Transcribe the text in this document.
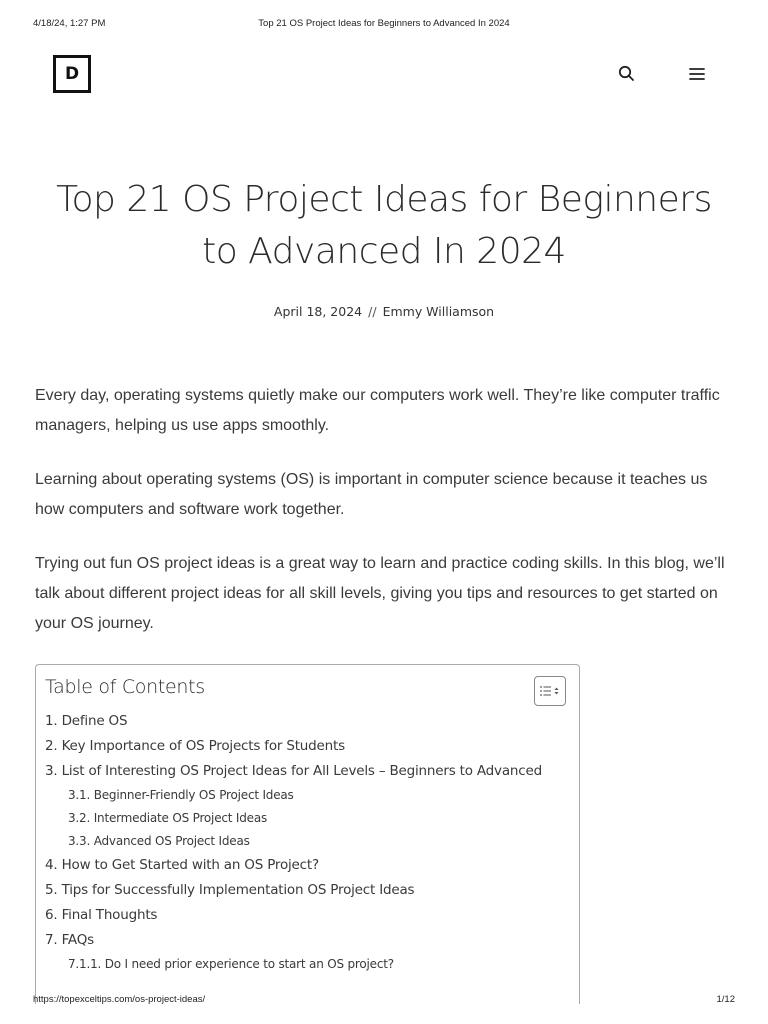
4/18/24, 1:27 PM	Top 21 OS Project Ideas for Beginners to Advanced In 2024
D
Top 21 OS Project Ideas for Beginners to Advanced In 2024
April 18, 2024 // Emmy Williamson

Every day, operating systems quietly make our computers work well. They’re like computer traffic managers, helping us use apps smoothly.

Learning about operating systems (OS) is important in computer science because it teaches us how computers and software work together.

Trying out fun OS project ideas is a great way to learn and practice coding skills. In this blog, we’ll talk about different project ideas for all skill levels, giving you tips and resources to get started on your OS journey.

Table of Contents
1. Define OS
2. Key Importance of OS Projects for Students
3. List of Interesting OS Project Ideas for All Levels – Beginners to Advanced
3.1. Beginner-Friendly OS Project Ideas
3.2. Intermediate OS Project Ideas
3.3. Advanced OS Project Ideas
4. How to Get Started with an OS Project?
5. Tips for Successfully Implementation OS Project Ideas
6. Final Thoughts
7. FAQs
7.1.1. Do I need prior experience to start an OS project?
https://topexceltips.com/os-project-ideas/	1/12
